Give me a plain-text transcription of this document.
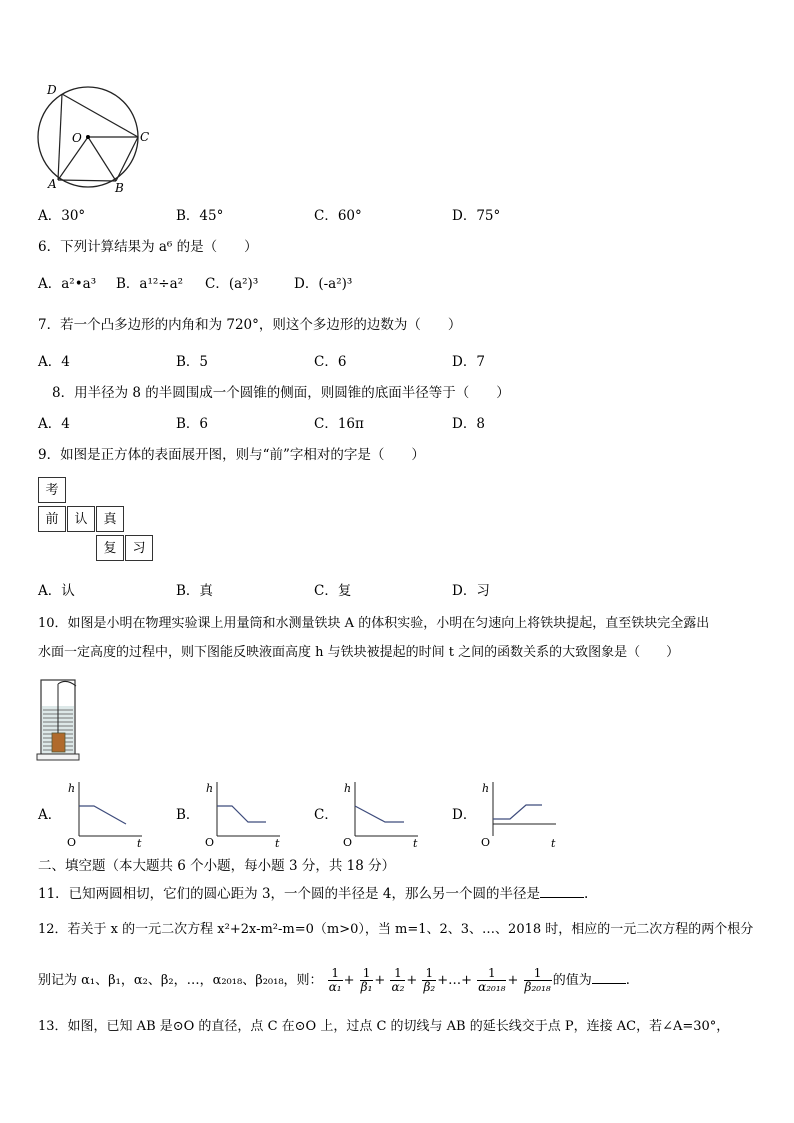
D
O	C
A	B
A．30°	B．45°	C．60°	D．75°
6．下列计算结果为 a⁶ 的是（　　）
A．a²•a³ B．a¹²÷a² C．(a²)³	D．(-a²)³
7．若一个凸多边形的内角和为 720°，则这个多边形的边数为（　　）
A．4	B．5	C．6	D．7
8．用半径为 8 的半圆围成一个圆锥的侧面，则圆锥的底面半径等于（　　）
A．4	B．6	C．16π	D．8
9．如图是正方体的表面展开图，则与“前”字相对的字是（　　）
考
前	认	真
复	习
A．认	B．真	C．复	D．习
10．如图是小明在物理实验课上用量筒和水测量铁块 A 的体积实验，小明在匀速向上将铁块提起，直至铁块完全露出
水面一定高度的过程中，则下图能反映液面高度 h 与铁块被提起的时间 t 之间的函数关系的大致图象是（　　）
A．	B．	C．	D．
h
t
O
h
t
O
h
t
O
h
t
O
二、填空题（本大题共 6 个小题，每小题 3 分，共 18 分）
11．已知两圆相切，它们的圆心距为 3，一个圆的半径是 4，那么另一个圆的半径是	.
12．若关于 x 的一元二次方程 x²+2x-m²-m=0（m>0），当 m=1、2、3、…、2018 时，相应的一元二次方程的两个根分
别记为 α₁、β₁，α₂、β₂，…，α₂₀₁₈、β₂₀₁₈，则： $\frac{1}{\text{α₁}} + \frac{1}{\text{β₁}} + \frac{1}{\text{α₂}} + \frac{1}{\text{β₂}}$ +…+ $\frac{1}{\text{α₂₀₁₈}} + \frac{1}{\text{β₂₀₁₈}}$ 的值为	.
13．如图，已知 AB 是⊙O 的直径，点 C 在⊙O 上，过点 C 的切线与 AB 的延长线交于点 P，连接 AC，若∠A=30°，
